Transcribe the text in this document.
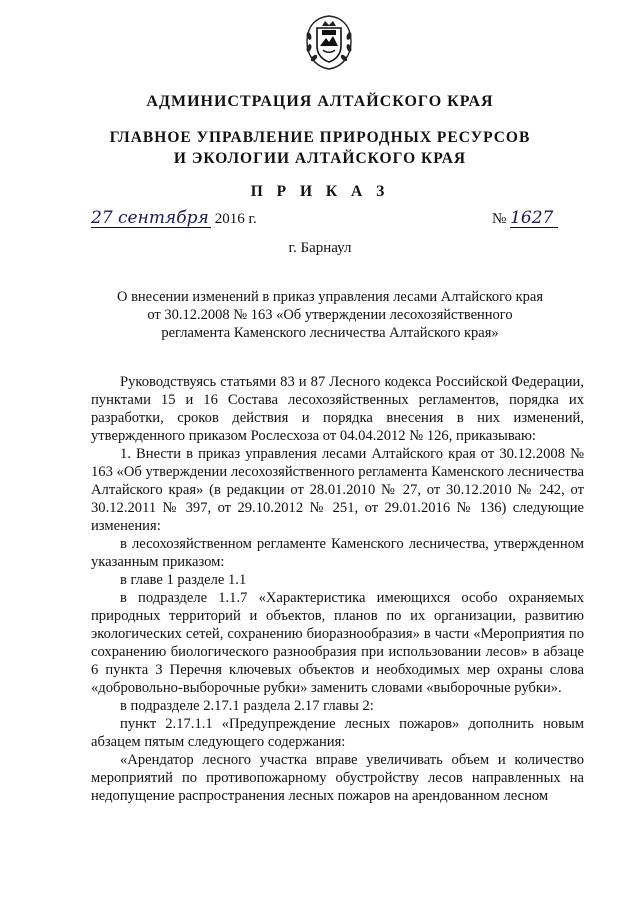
АДМИНИСТРАЦИЯ АЛТАЙСКОГО КРАЯ
ГЛАВНОЕ УПРАВЛЕНИЕ ПРИРОДНЫХ РЕСУРСОВ
И ЭКОЛОГИИ АЛТАЙСКОГО КРАЯ
П Р И К А З
27 сентября 2016 г.	№ 1627
г. Барнаул
О внесении изменений в приказ управления лесами Алтайского края
от 30.12.2008 № 163 «Об утверждении лесохозяйственного
регламента Каменского лесничества Алтайского края»

Руководствуясь статьями 83 и 87 Лесного кодекса Российской Федерации, пунктами 15 и 16 Состава лесохозяйственных регламентов, порядка их разработки, сроков действия и порядка внесения в них изменений, утвержденного приказом Рослесхоза от 04.04.2012 № 126, приказываю:

1. Внести в приказ управления лесами Алтайского края от 30.12.2008 № 163 «Об утверждении лесохозяйственного регламента Каменского лесничества Алтайского края» (в редакции от 28.01.2010 № 27, от 30.12.2010 № 242, от 30.12.2011 № 397, от 29.10.2012 № 251, от 29.01.2016 № 136) следующие изменения:

в лесохозяйственном регламенте Каменского лесничества, утвержденном указанным приказом:

в главе 1 разделе 1.1

в подразделе 1.1.7 «Характеристика имеющихся особо охраняемых природных территорий и объектов, планов по их организации, развитию экологических сетей, сохранению биоразнообразия» в части «Мероприятия по сохранению биологического разнообразия при использовании лесов» в абзаце 6 пункта 3 Перечня ключевых объектов и необходимых мер охраны слова «добровольно-выборочные рубки» заменить словами «выборочные рубки».

в подразделе 2.17.1 раздела 2.17 главы 2:

пункт 2.17.1.1 «Предупреждение лесных пожаров» дополнить новым абзацем пятым следующего содержания:

«Арендатор лесного участка вправе увеличивать объем и количество мероприятий по противопожарному обустройству лесов направленных на недопущение распространения лесных пожаров на арендованном лесном
